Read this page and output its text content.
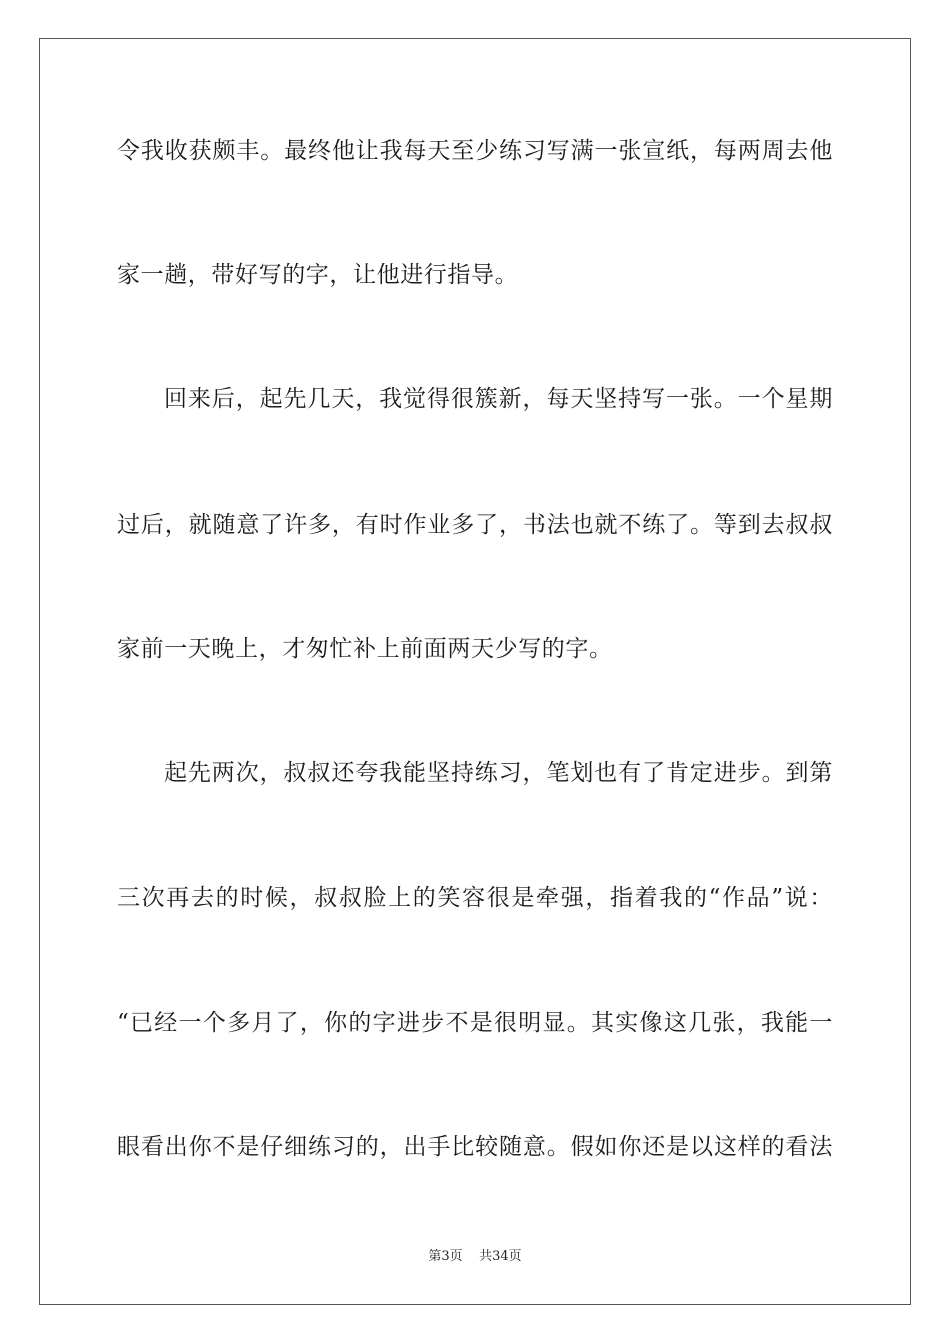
令我收获颇丰。最终他让我每天至少练习写满一张宣纸，每两周去他
家一趟，带好写的字，让他进行指导。
回来后，起先几天，我觉得很簇新，每天坚持写一张。一个星期
过后，就随意了许多，有时作业多了，书法也就不练了。等到去叔叔
家前一天晚上，才匆忙补上前面两天少写的字。
起先两次，叔叔还夸我能坚持练习，笔划也有了肯定进步。到第
三次再去的时候，叔叔脸上的笑容很是牵强，指着我的“作品”说：
“已经一个多月了，你的字进步不是很明显。其实像这几张，我能一
眼看出你不是仔细练习的，出手比较随意。假如你还是以这样的看法
第3页 共34页
